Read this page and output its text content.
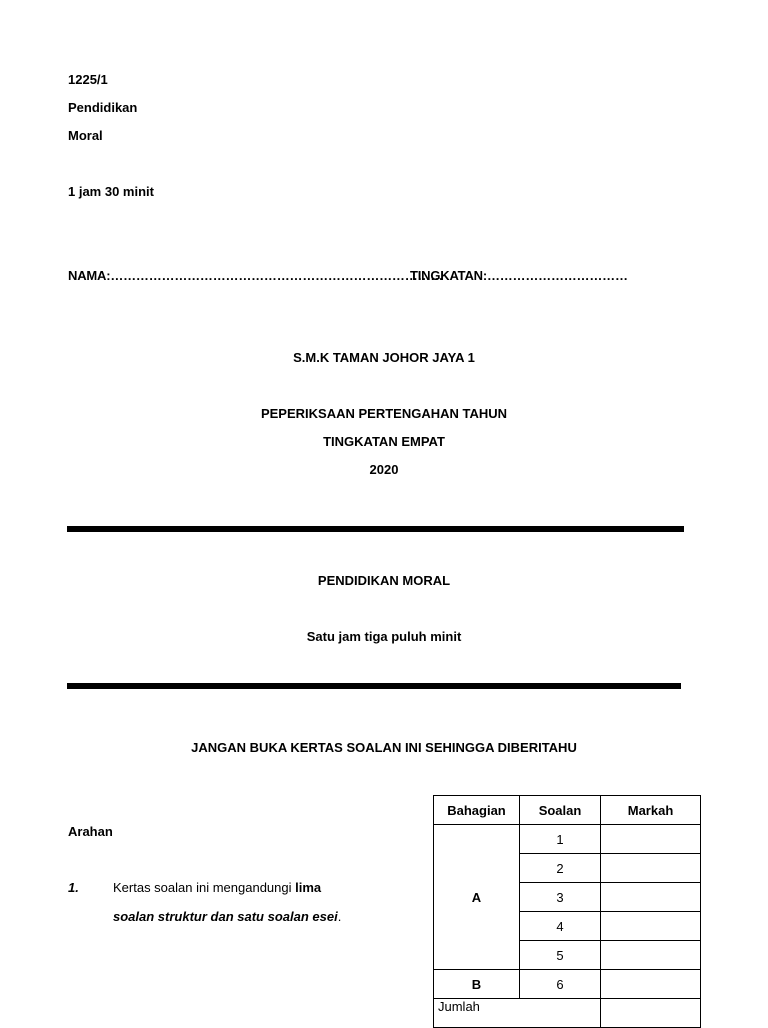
1225/1
Pendidikan
Moral
1 jam 30 minit
NAMA:……………………………………………………………………
TINGKATAN:……………………………
S.M.K TAMAN JOHOR JAYA 1
PEPERIKSAAN PERTENGAHAN TAHUN
TINGKATAN EMPAT
2020
PENDIDIKAN MORAL
Satu jam tiga puluh minit
JANGAN BUKA KERTAS SOALAN INI SEHINGGA DIBERITAHU
Arahan
1.	Kertas soalan ini mengandungi lima
soalan struktur dan satu soalan esei.
Bahagian	Soalan	Markah
A	1	
	2	
	3	
	4	
	5	
B	6	
Jumlah		
